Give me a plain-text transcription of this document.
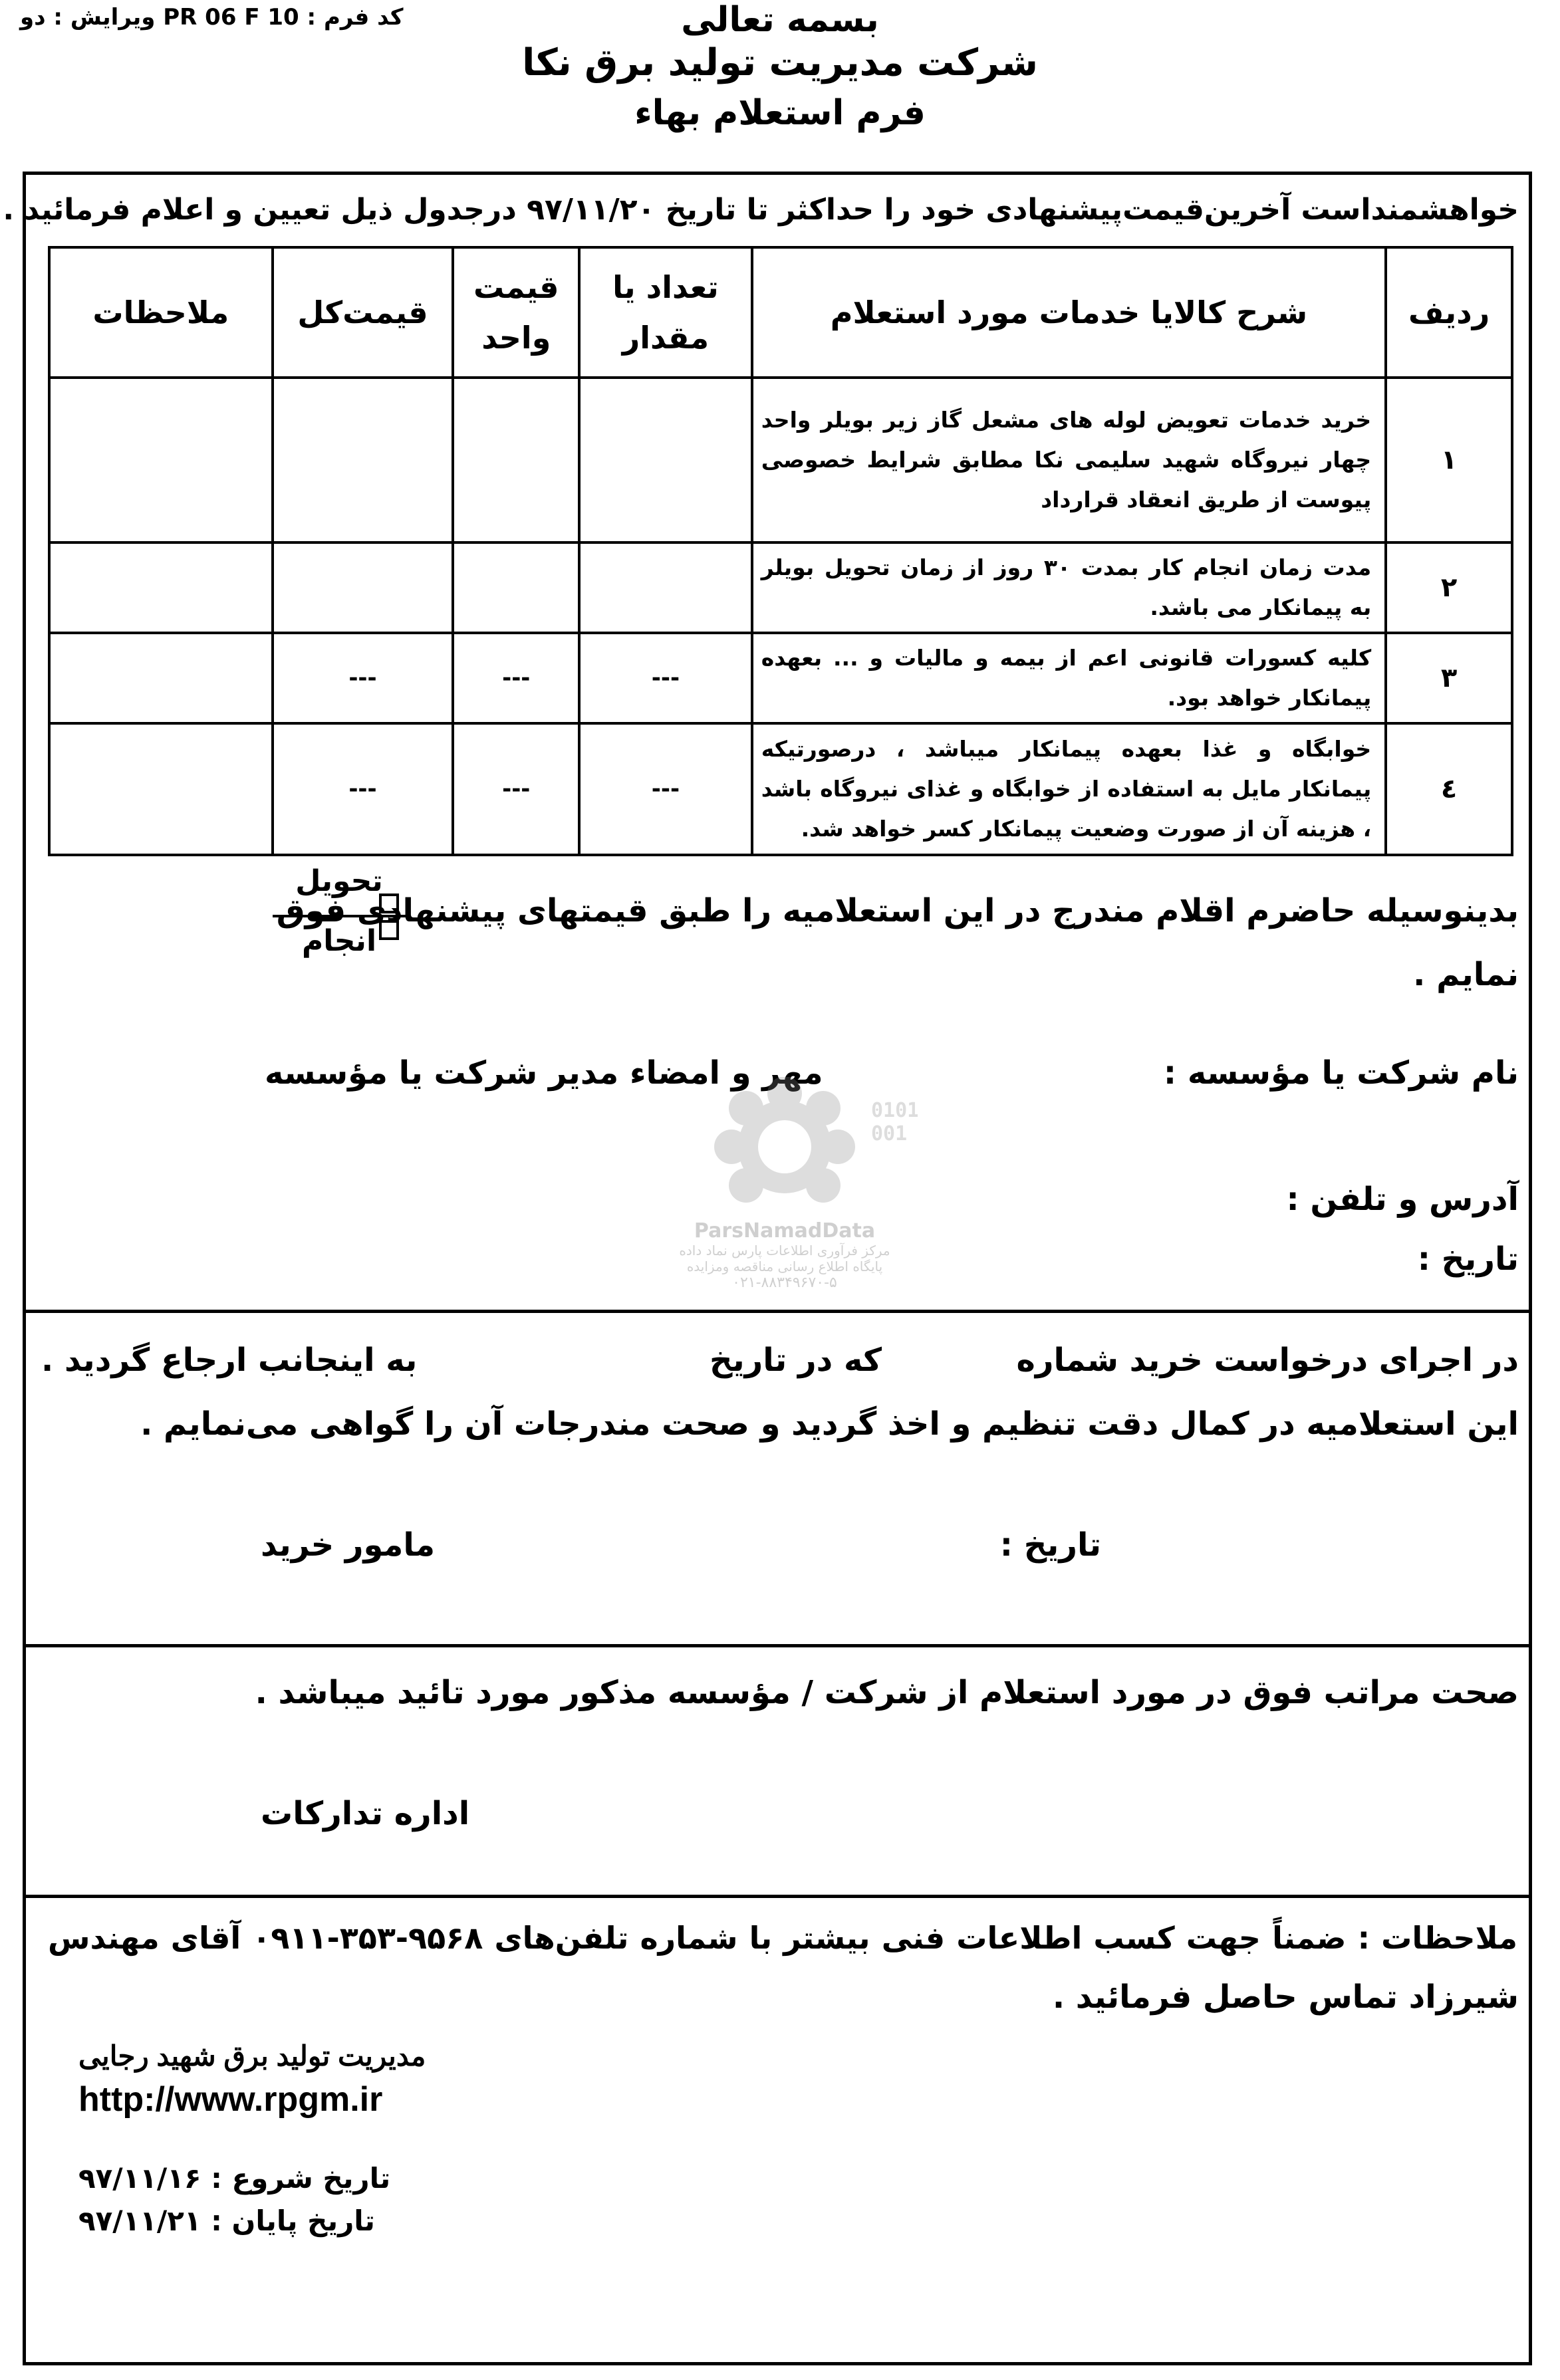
کد فرم : PR 06 F 10 ویرایش : دو	بسمه تعالی
شرکت مدیریت تولید برق نکا
فرم استعلام بهاء
خواهشمنداست آخرین‌قیمت‌پیشنهادی خود را حداکثر تا تاریخ ۹۷/۱۱/۲۰ درجدول ذیل تعیین و اعلام فرمائید .
ردیف	شرح کالایا خدمات مورد استعلام	تعداد یا مقدار	قیمت واحد	قیمت‌کل	ملاحظات
۱	خرید خدمات تعویض لوله های مشعل گاز زیر بویلر واحد چهار نیروگاه شهید سلیمی نکا مطابق شرایط خصوصی پیوست از طریق انعقاد قرارداد				
۲	مدت زمان انجام کار بمدت ۳۰ روز از زمان تحویل بویلر به پیمانکار می باشد.				
۳	کلیه کسورات قانونی اعم از بیمه و مالیات و ... بعهده پیمانکار خواهد بود.	---	---	---	
٤	خوابگاه و غذا بعهده پیمانکار میباشد ، درصورتیکه پیمانکار مایل به استفاده از خوابگاه و غذای نیروگاه باشد ، هزینه آن از صورت وضعیت پیمانکار کسر خواهد شد.	---	---	---	
بدینوسیله حاضرم اقلام مندرج در این استعلامیه را طبق قیمتهای پیشنهادی فوق
نمایم .
تحویل
انجام
نام شرکت یا مؤسسه :
مهر و امضاء مدیر شرکت یا مؤسسه
آدرس و تلفن :
تاریخ :
0101
001
ParsNamadData
مرکز فرآوری اطلاعات پارس نماد داده
پایگاه اطلاع رسانی مناقصه ومزایده
۰۲۱-۸۸۳۴۹۶۷۰-۵
در اجرای درخواست خرید شماره
که در تاریخ
به اینجانب ارجاع گردید .
این استعلامیه در کمال دقت تنظیم و اخذ گردید و صحت مندرجات آن را گواهی می‌نمایم .
تاریخ :
مامور خرید
صحت مراتب فوق در مورد استعلام از شرکت / مؤسسه مذکور مورد تائید میباشد .
اداره تدارکات
ملاحظات : ضمناً جهت کسب اطلاعات فنی بیشتر با شماره تلفن‌های ۹۵۶۸-۳۵۳-۰۹۱۱ آقای مهندس
شیرزاد تماس حاصل فرمائید .
مدیریت تولید برق شهید رجایی
http://www.rpgm.ir
تاریخ شروع : ۹۷/۱۱/۱۶
تاریخ پایان : ۹۷/۱۱/۲۱
